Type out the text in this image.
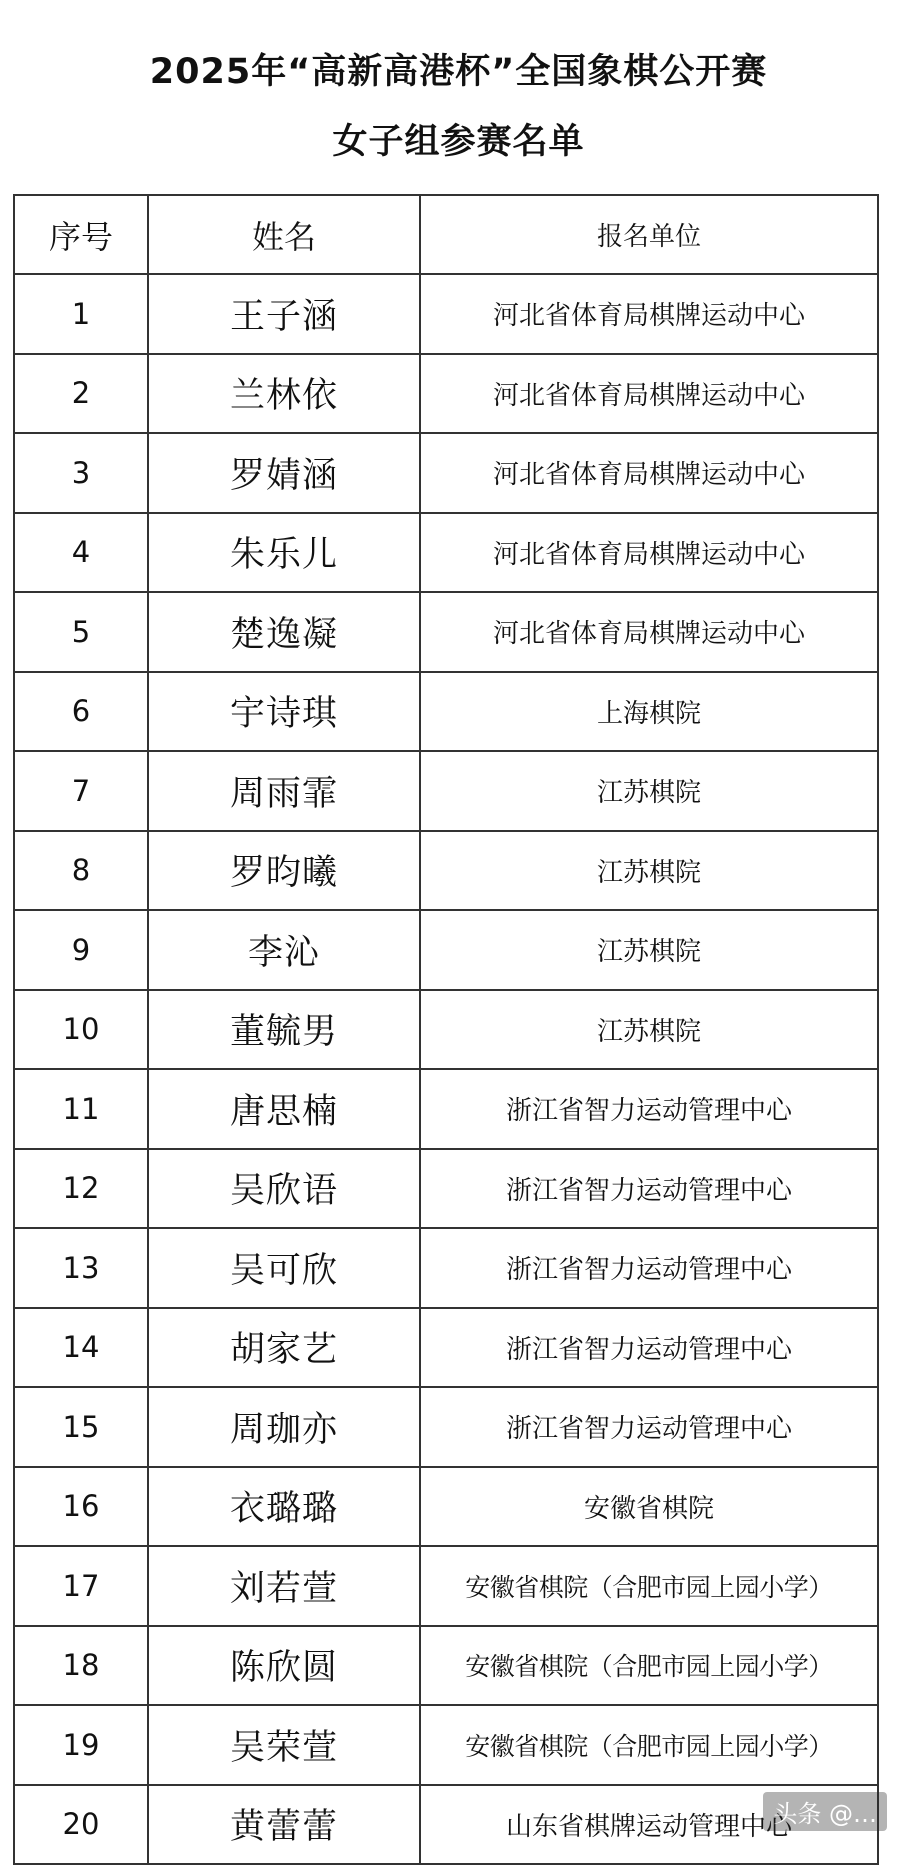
2025年“高新高港杯”全国象棋公开赛
女子组参赛名单
序号	姓名	报名单位
1	王子涵	河北省体育局棋牌运动中心
2	兰林依	河北省体育局棋牌运动中心
3	罗婧涵	河北省体育局棋牌运动中心
4	朱乐儿	河北省体育局棋牌运动中心
5	楚逸凝	河北省体育局棋牌运动中心
6	宇诗琪	上海棋院
7	周雨霏	江苏棋院
8	罗昀曦	江苏棋院
9	李沁	江苏棋院
10	董毓男	江苏棋院
11	唐思楠	浙江省智力运动管理中心
12	吴欣语	浙江省智力运动管理中心
13	吴可欣	浙江省智力运动管理中心
14	胡家艺	浙江省智力运动管理中心
15	周珈亦	浙江省智力运动管理中心
16	衣璐璐	安徽省棋院
17	刘若萱	安徽省棋院（合肥市园上园小学）
18	陈欣圆	安徽省棋院（合肥市园上园小学）
19	吴荣萱	安徽省棋院（合肥市园上园小学）
20	黄蕾蕾	山东省棋牌运动管理中心
头条 @…
